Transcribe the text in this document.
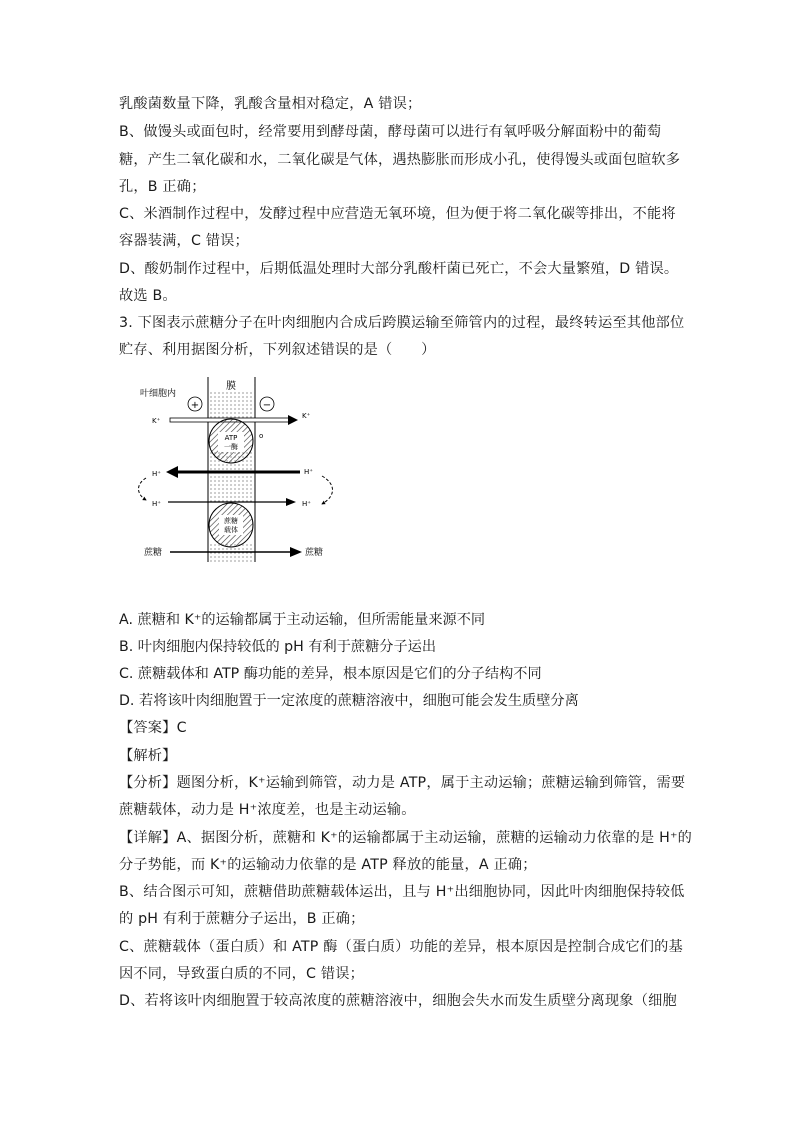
乳酸菌数量下降，乳酸含量相对稳定，A 错误；
B、做馒头或面包时，经常要用到酵母菌，酵母菌可以进行有氧呼吸分解面粉中的葡萄
糖，产生二氧化碳和水，二氧化碳是气体，遇热膨胀而形成小孔，使得馒头或面包暄软多
孔，B 正确；
C、米酒制作过程中，发酵过程中应营造无氧环境，但为便于将二氧化碳等排出，不能将
容器装满，C 错误；
D、酸奶制作过程中，后期低温处理时大部分乳酸杆菌已死亡，不会大量繁殖，D 错误。
故选 B。
3. 下图表示蔗糖分子在叶肉细胞内合成后跨膜运输至筛管内的过程，最终转运至其他部位
贮存、利用据图分析，下列叙述错误的是（　　）
膜
叶细胞内
+	−
K⁺
K⁺
o
ATP
一酶
H⁺	H⁺
H⁺	H⁺
蔗糖
载体
蔗糖	蔗糖
A. 蔗糖和 K⁺的运输都属于主动运输，但所需能量来源不同
B. 叶肉细胞内保持较低的 pH 有利于蔗糖分子运出
C. 蔗糖载体和 ATP 酶功能的差异，根本原因是它们的分子结构不同
D. 若将该叶肉细胞置于一定浓度的蔗糖溶液中，细胞可能会发生质壁分离
【答案】C
【解析】
【分析】题图分析，K⁺运输到筛管，动力是 ATP，属于主动运输；蔗糖运输到筛管，需要
蔗糖载体，动力是 H⁺浓度差，也是主动运输。
【详解】A、据图分析，蔗糖和 K⁺的运输都属于主动运输，蔗糖的运输动力依靠的是 H⁺的
分子势能，而 K⁺的运输动力依靠的是 ATP 释放的能量，A 正确；
B、结合图示可知，蔗糖借助蔗糖载体运出，且与 H⁺出细胞协同，因此叶肉细胞保持较低
的 pH 有利于蔗糖分子运出，B 正确；
C、蔗糖载体（蛋白质）和 ATP 酶（蛋白质）功能的差异，根本原因是控制合成它们的基
因不同，导致蛋白质的不同，C 错误；
D、若将该叶肉细胞置于较高浓度的蔗糖溶液中，细胞会失水而发生质壁分离现象（细胞
